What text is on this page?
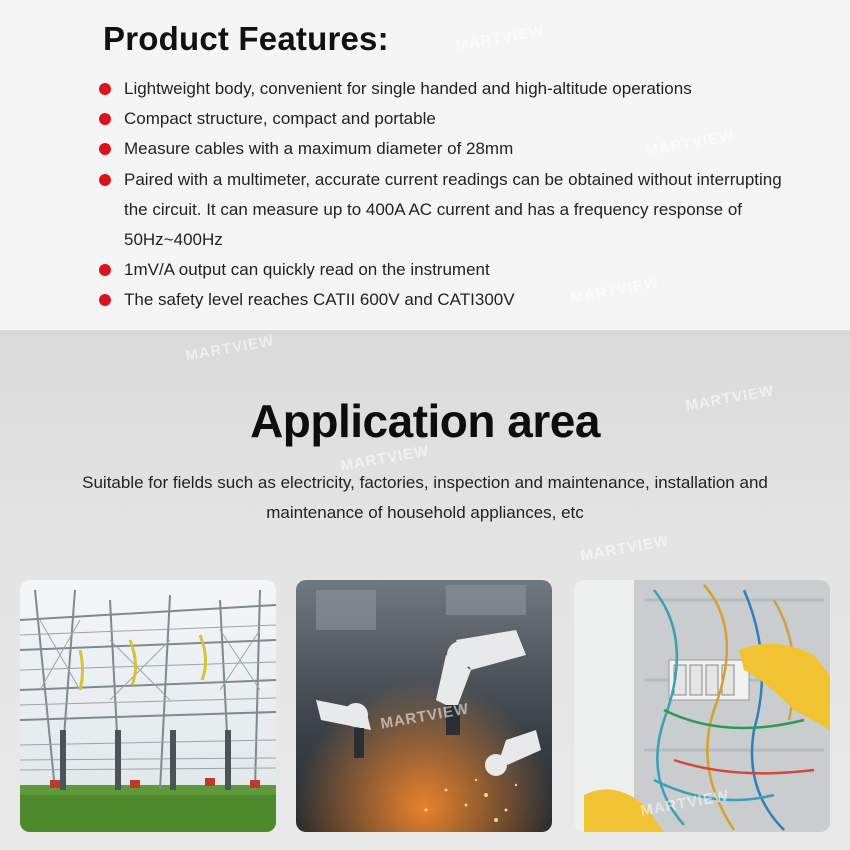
Product Features:
Lightweight body, convenient for single handed and high-altitude operations
Compact structure, compact and portable
Measure cables with a maximum diameter of 28mm
Paired with a multimeter, accurate current readings can be obtained without interrupting the circuit. It can measure up to 400A AC current and has a frequency response of 50Hz~400Hz
1mV/A output can quickly read on the instrument
The safety level reaches CATII 600V and CATI300V
Application area

Suitable for fields such as electricity, factories, inspection and maintenance, installation and maintenance of household appliances, etc

MARTVIEW
MARTVIEW
MARTVIEW
MARTVIEW
MARTVIEW
MARTVIEW
MARTVIEW
MARTVIEW
MARTVIEW
